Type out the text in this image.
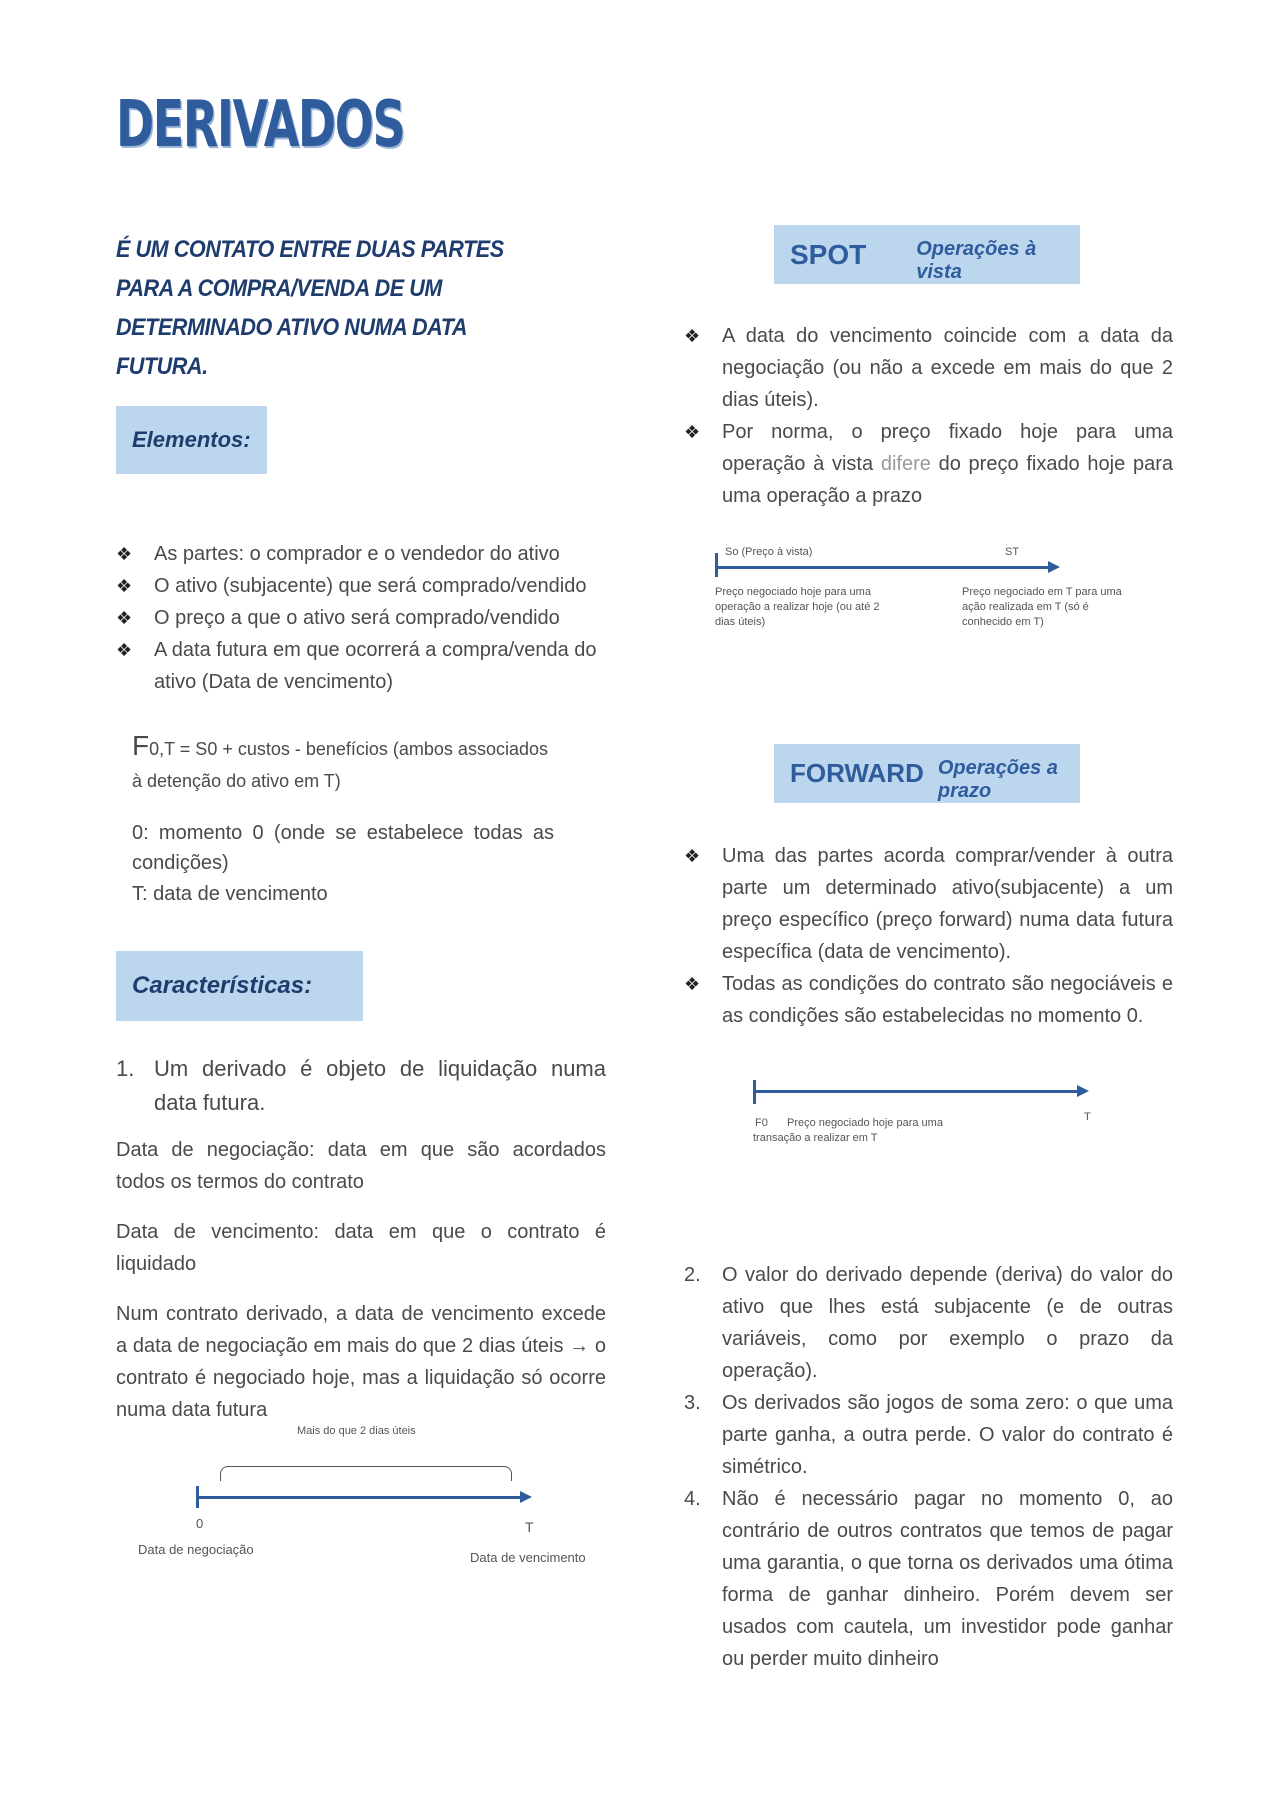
DERIVADOS
É UM CONTATO ENTRE DUAS PARTES PARA A COMPRA/VENDA DE UM DETERMINADO ATIVO NUMA DATA FUTURA.
Elementos:
❖ As partes: o comprador e o vendedor do ativo
❖ O ativo (subjacente) que será comprado/vendido
❖ O preço a que o ativo será comprado/vendido
❖ A data futura em que ocorrerá a compra/venda do ativo (Data de vencimento)
F0,T = S0 + custos - benefícios (ambos associados à detenção do ativo em T)
0: momento 0 (onde se estabelece todas as condições)
T: data de vencimento
Características:
1. Um derivado é objeto de liquidação numa data futura.

Data de negociação: data em que são acordados todos os termos do contrato

Data de vencimento: data em que o contrato é liquidado

Num contrato derivado, a data de vencimento excede a data de negociação em mais do que 2 dias úteis → o contrato é negociado hoje, mas a liquidação só ocorre numa data futura

Mais do que 2 dias úteis
0	T
Data de negociação
Data de vencimento
SPOT	Operações à vista
❖ A data do vencimento coincide com a data da negociação (ou não a excede em mais do que 2 dias úteis).
❖ Por norma, o preço fixado hoje para uma operação à vista difere do preço fixado hoje para uma operação a prazo
So (Preço à vista)	ST
Preço negociado hoje para uma operação a realizar hoje (ou até 2 dias úteis)
Preço negociado em T para uma ação realizada em T (só é conhecido em T)
FORWARD Operações a prazo
❖ Uma das partes acorda comprar/vender à outra parte um determinado ativo(subjacente) a um preço específico (preço forward) numa data futura específica (data de vencimento).
❖ Todas as condições do contrato são negociáveis e as condições são estabelecidas no momento 0.
T
F0	Preço negociado hoje para uma transação a realizar em T
2. O valor do derivado depende (deriva) do valor do ativo que lhes está subjacente (e de outras variáveis, como por exemplo o prazo da operação).
3. Os derivados são jogos de soma zero: o que uma parte ganha, a outra perde. O valor do contrato é simétrico.
4. Não é necessário pagar no momento 0, ao contrário de outros contratos que temos de pagar uma garantia, o que torna os derivados uma ótima forma de ganhar dinheiro. Porém devem ser usados com cautela, um investidor pode ganhar ou perder muito dinheiro
